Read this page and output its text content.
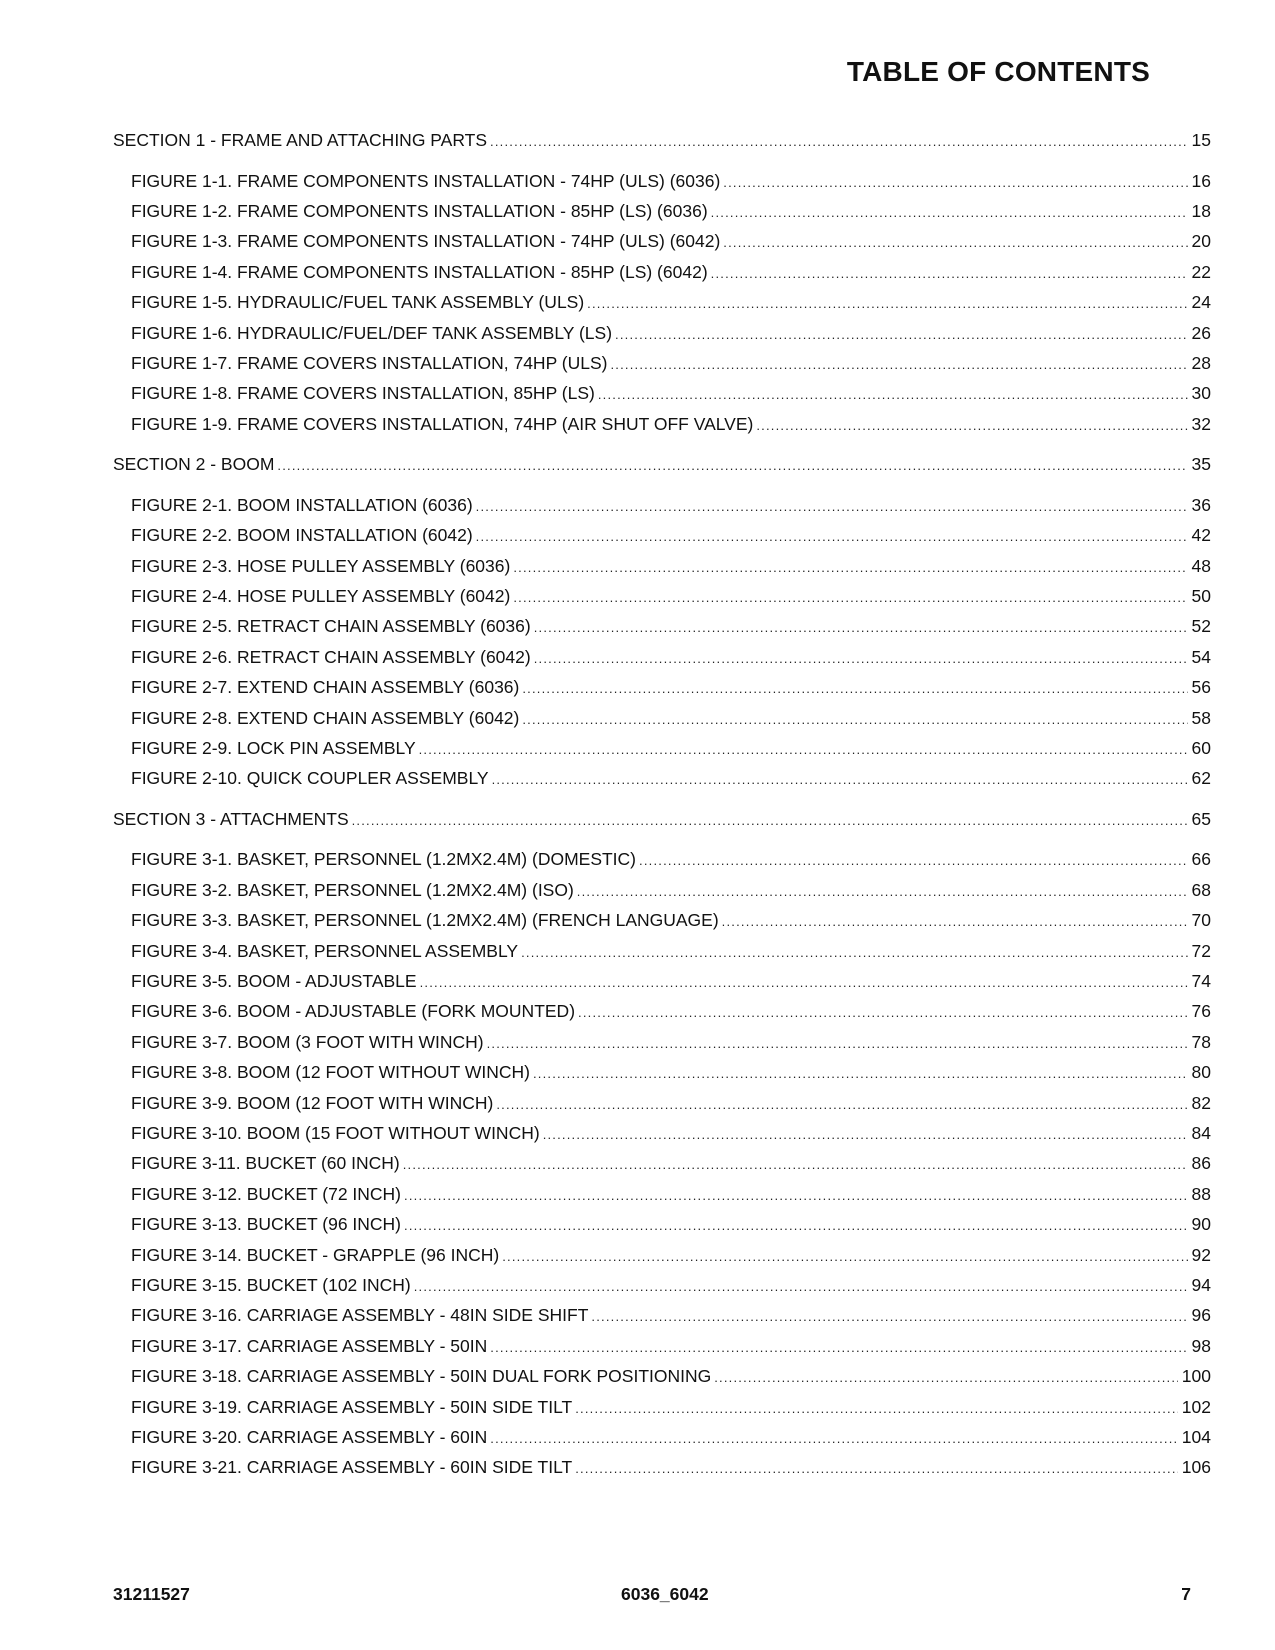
TABLE OF CONTENTS
SECTION 1 - FRAME AND ATTACHING PARTS .....	15
FIGURE 1-1. FRAME COMPONENTS INSTALLATION - 74HP (ULS) (6036) .....	16
FIGURE 1-2. FRAME COMPONENTS INSTALLATION - 85HP (LS) (6036) .....	18
FIGURE 1-3. FRAME COMPONENTS INSTALLATION - 74HP (ULS) (6042) .....	20
FIGURE 1-4. FRAME COMPONENTS INSTALLATION - 85HP (LS) (6042) .....	22
FIGURE 1-5. HYDRAULIC/FUEL TANK ASSEMBLY (ULS) .....	24
FIGURE 1-6. HYDRAULIC/FUEL/DEF TANK ASSEMBLY (LS) .....	26
FIGURE 1-7. FRAME COVERS INSTALLATION, 74HP (ULS) .....	28
FIGURE 1-8. FRAME COVERS INSTALLATION, 85HP (LS) .....	30
FIGURE 1-9. FRAME COVERS INSTALLATION, 74HP (AIR SHUT OFF VALVE) .....	32
SECTION 2 - BOOM .....	35
FIGURE 2-1. BOOM INSTALLATION (6036) .....	36
FIGURE 2-2. BOOM INSTALLATION (6042) .....	42
FIGURE 2-3. HOSE PULLEY ASSEMBLY (6036) .....	48
FIGURE 2-4. HOSE PULLEY ASSEMBLY (6042) .....	50
FIGURE 2-5. RETRACT CHAIN ASSEMBLY (6036) .....	52
FIGURE 2-6. RETRACT CHAIN ASSEMBLY (6042) .....	54
FIGURE 2-7. EXTEND CHAIN ASSEMBLY (6036) .....	56
FIGURE 2-8. EXTEND CHAIN ASSEMBLY (6042) .....	58
FIGURE 2-9. LOCK PIN ASSEMBLY .....	60
FIGURE 2-10. QUICK COUPLER ASSEMBLY .....	62
SECTION 3 - ATTACHMENTS .....	65
FIGURE 3-1. BASKET, PERSONNEL (1.2MX2.4M) (DOMESTIC) .....	66
FIGURE 3-2. BASKET, PERSONNEL (1.2MX2.4M) (ISO) .....	68
FIGURE 3-3. BASKET, PERSONNEL (1.2MX2.4M) (FRENCH LANGUAGE) .....	70
FIGURE 3-4. BASKET, PERSONNEL ASSEMBLY .....	72
FIGURE 3-5. BOOM - ADJUSTABLE .....	74
FIGURE 3-6. BOOM - ADJUSTABLE (FORK MOUNTED) .....	76
FIGURE 3-7. BOOM (3 FOOT WITH WINCH) .....	78
FIGURE 3-8. BOOM (12 FOOT WITHOUT WINCH) .....	80
FIGURE 3-9. BOOM (12 FOOT WITH WINCH) .....	82
FIGURE 3-10. BOOM (15 FOOT WITHOUT WINCH) .....	84
FIGURE 3-11. BUCKET (60 INCH) .....	86
FIGURE 3-12. BUCKET (72 INCH) .....	88
FIGURE 3-13. BUCKET (96 INCH) .....	90
FIGURE 3-14. BUCKET - GRAPPLE (96 INCH) .....	92
FIGURE 3-15. BUCKET (102 INCH) .....	94
FIGURE 3-16. CARRIAGE ASSEMBLY - 48IN SIDE SHIFT .....	96
FIGURE 3-17. CARRIAGE ASSEMBLY - 50IN .....	98
FIGURE 3-18. CARRIAGE ASSEMBLY - 50IN DUAL FORK POSITIONING .....	100
FIGURE 3-19. CARRIAGE ASSEMBLY - 50IN SIDE TILT .....	102
FIGURE 3-20. CARRIAGE ASSEMBLY - 60IN .....	104
FIGURE 3-21. CARRIAGE ASSEMBLY - 60IN SIDE TILT .....	106
31211527	6036_6042	7
